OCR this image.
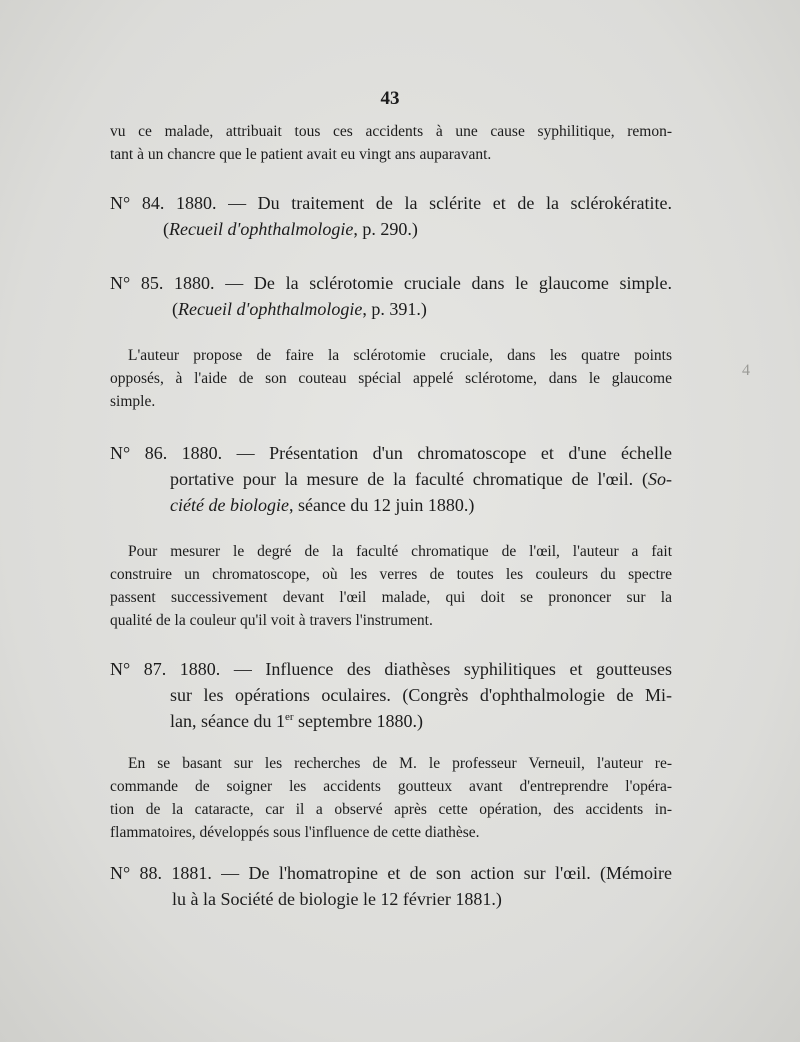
43
vu ce malade, attribuait tous ces accidents à une cause syphilitique, remon-
tant à un chancre que le patient avait eu vingt ans auparavant.
N° 84. 1880. — Du traitement de la sclérite et de la sclérokératite.
(Recueil d'ophthalmologie, p. 290.)
N° 85. 1880. — De la sclérotomie cruciale dans le glaucome simple.
(Recueil d'ophthalmologie, p. 391.)
L'auteur propose de faire la sclérotomie cruciale, dans les quatre points
opposés, à l'aide de son couteau spécial appelé sclérotome, dans le glaucome
simple.
N° 86. 1880. — Présentation d'un chromatoscope et d'une échelle
portative pour la mesure de la faculté chromatique de l'œil. (So-
ciété de biologie, séance du 12 juin 1880.)
Pour mesurer le degré de la faculté chromatique de l'œil, l'auteur a fait
construire un chromatoscope, où les verres de toutes les couleurs du spectre
passent successivement devant l'œil malade, qui doit se prononcer sur la
qualité de la couleur qu'il voit à travers l'instrument.
N° 87. 1880. — Influence des diathèses syphilitiques et goutteuses
sur les opérations oculaires. (Congrès d'ophthalmologie de Mi-
lan, séance du 1er septembre 1880.)
En se basant sur les recherches de M. le professeur Verneuil, l'auteur re-
commande de soigner les accidents goutteux avant d'entreprendre l'opéra-
tion de la cataracte, car il a observé après cette opération, des accidents in-
flammatoires, développés sous l'influence de cette diathèse.
N° 88. 1881. — De l'homatropine et de son action sur l'œil. (Mémoire
lu à la Société de biologie le 12 février 1881.)
4
